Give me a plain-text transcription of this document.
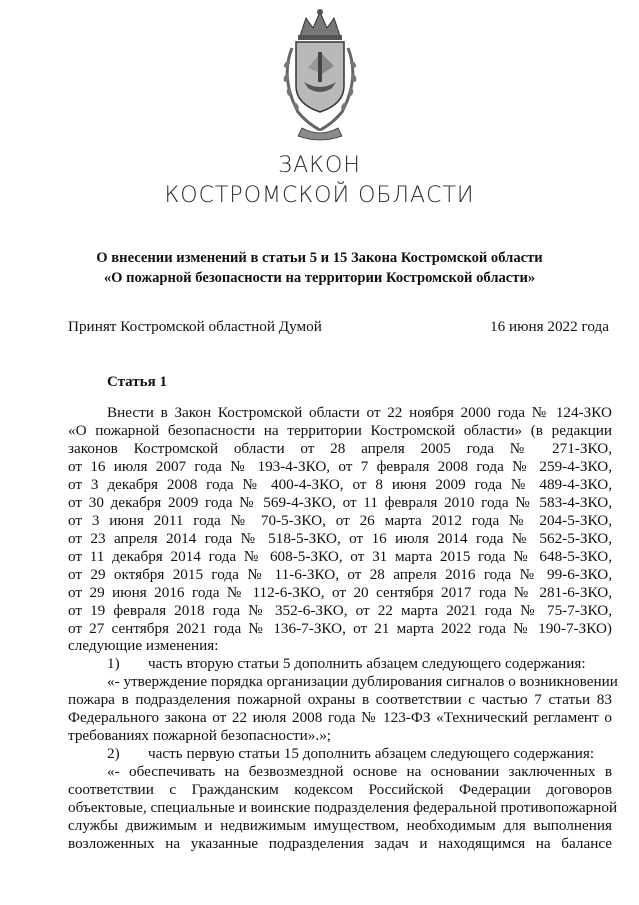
ЗАКОН
КОСТРОМСКОЙ ОБЛАСТИ
О внесении изменений в статьи 5 и 15 Закона Костромской области
«О пожарной безопасности на территории Костромской области»
Принят Костромской областной Думой	16 июня 2022 года
Статья 1
Внести в Закон Костромской области от 22 ноября 2000 года № 124-ЗКО
«О пожарной безопасности на территории Костромской области» (в редакции
законов Костромской области от 28 апреля 2005 года № 271-ЗКО,
от 16 июля 2007 года № 193-4-ЗКО, от 7 февраля 2008 года № 259-4-ЗКО,
от 3 декабря 2008 года № 400-4-ЗКО, от 8 июня 2009 года № 489-4-ЗКО,
от 30 декабря 2009 года № 569-4-ЗКО, от 11 февраля 2010 года № 583-4-ЗКО,
от 3 июня 2011 года № 70-5-ЗКО, от 26 марта 2012 года № 204-5-ЗКО,
от 23 апреля 2014 года № 518-5-ЗКО, от 16 июля 2014 года № 562-5-ЗКО,
от 11 декабря 2014 года № 608-5-ЗКО, от 31 марта 2015 года № 648-5-ЗКО,
от 29 октября 2015 года № 11-6-ЗКО, от 28 апреля 2016 года № 99-6-ЗКО,
от 29 июня 2016 года № 112-6-ЗКО, от 20 сентября 2017 года № 281-6-ЗКО,
от 19 февраля 2018 года № 352-6-ЗКО, от 22 марта 2021 года № 75-7-ЗКО,
от 27 сентября 2021 года № 136-7-ЗКО, от 21 марта 2022 года № 190-7-ЗКО)
следующие изменения:
1) часть вторую статьи 5 дополнить абзацем следующего содержания:
«- утверждение порядка организации дублирования сигналов о возникновении
пожара в подразделения пожарной охраны в соответствии с частью 7 статьи 83
Федерального закона от 22 июля 2008 года № 123-ФЗ «Технический регламент о
требованиях пожарной безопасности».»;
2) часть первую статьи 15 дополнить абзацем следующего содержания:
«- обеспечивать на безвозмездной основе на основании заключенных в
соответствии с Гражданским кодексом Российской Федерации договоров
объектовые, специальные и воинские подразделения федеральной противопожарной
службы движимым и недвижимым имуществом, необходимым для выполнения
возложенных на указанные подразделения задач и находящимся на балансе
